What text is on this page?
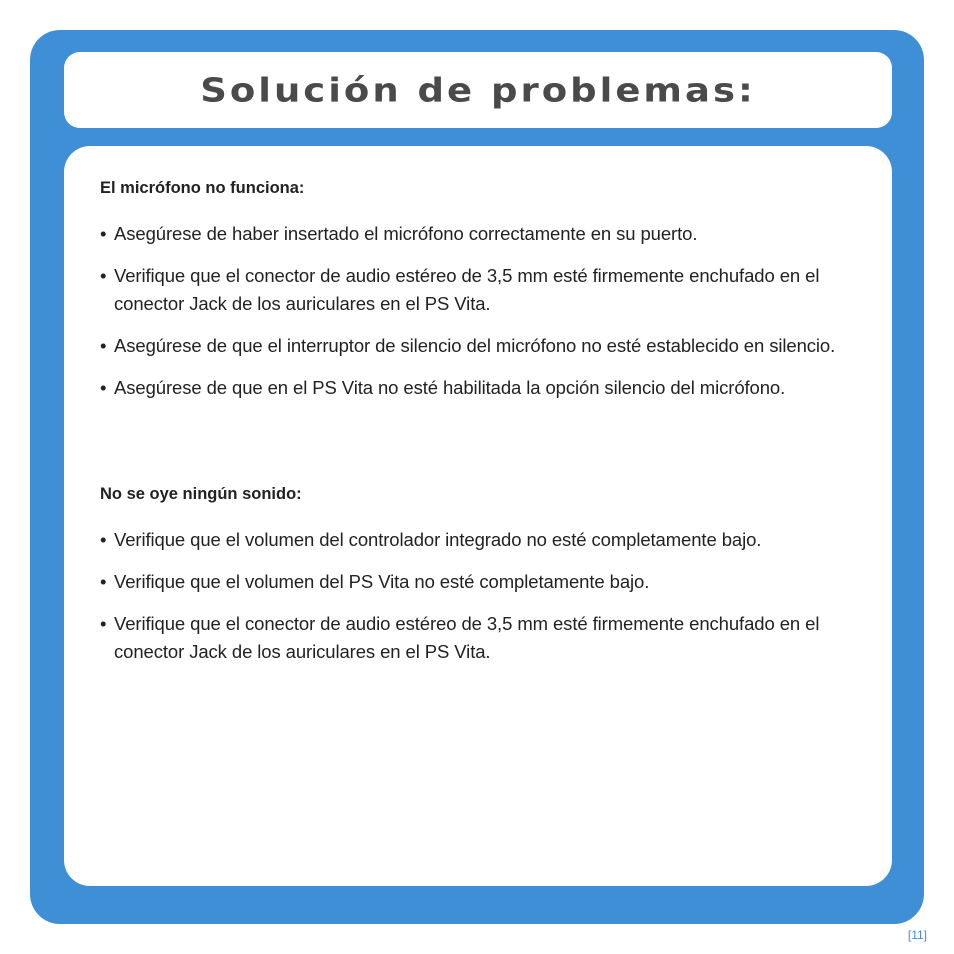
Solución de problemas:

El micrófono no funciona:

• Asegúrese de haber insertado el micrófono correctamente en su puerto.
• Verifique que el conector de audio estéreo de 3,5 mm esté firmemente enchufado en el conector Jack de los auriculares en el PS Vita.
• Asegúrese de que el interruptor de silencio del micrófono no esté establecido en silencio.
• Asegúrese de que en el PS Vita no esté habilitada la opción silencio del micrófono.

No se oye ningún sonido:

• Verifique que el volumen del controlador integrado no esté completamente bajo.
• Verifique que el volumen del PS Vita no esté completamente bajo.
• Verifique que el conector de audio estéreo de 3,5 mm esté firmemente enchufado en el conector Jack de los auriculares en el PS Vita.
[11]
